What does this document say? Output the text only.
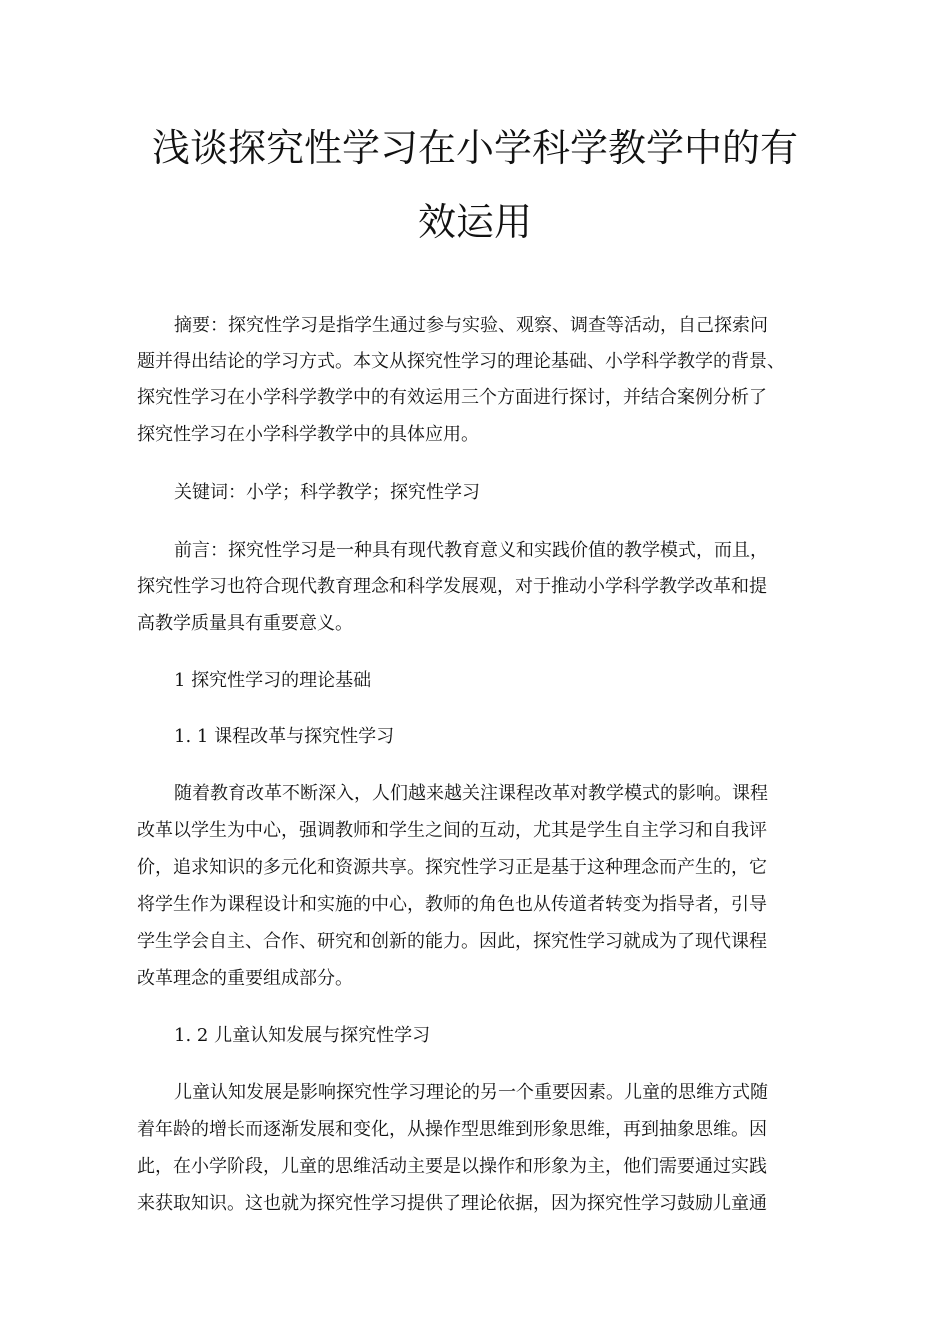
浅谈探究性学习在小学科学教学中的有
效运用
摘要：探究性学习是指学生通过参与实验、观察、调查等活动，自己探索问
题并得出结论的学习方式。本文从探究性学习的理论基础、小学科学教学的背景、
探究性学习在小学科学教学中的有效运用三个方面进行探讨，并结合案例分析了
探究性学习在小学科学教学中的具体应用。
关键词：小学；科学教学；探究性学习
前言：探究性学习是一种具有现代教育意义和实践价值的教学模式，而且，
探究性学习也符合现代教育理念和科学发展观，对于推动小学科学教学改革和提
高教学质量具有重要意义。
1 探究性学习的理论基础
1. 1 课程改革与探究性学习
随着教育改革不断深入，人们越来越关注课程改革对教学模式的影响。课程
改革以学生为中心，强调教师和学生之间的互动，尤其是学生自主学习和自我评
价，追求知识的多元化和资源共享。探究性学习正是基于这种理念而产生的，它
将学生作为课程设计和实施的中心，教师的角色也从传道者转变为指导者，引导
学生学会自主、合作、研究和创新的能力。因此，探究性学习就成为了现代课程
改革理念的重要组成部分。
1. 2 儿童认知发展与探究性学习
儿童认知发展是影响探究性学习理论的另一个重要因素。儿童的思维方式随
着年龄的增长而逐渐发展和变化，从操作型思维到形象思维，再到抽象思维。因
此，在小学阶段，儿童的思维活动主要是以操作和形象为主，他们需要通过实践
来获取知识。这也就为探究性学习提供了理论依据，因为探究性学习鼓励儿童通
